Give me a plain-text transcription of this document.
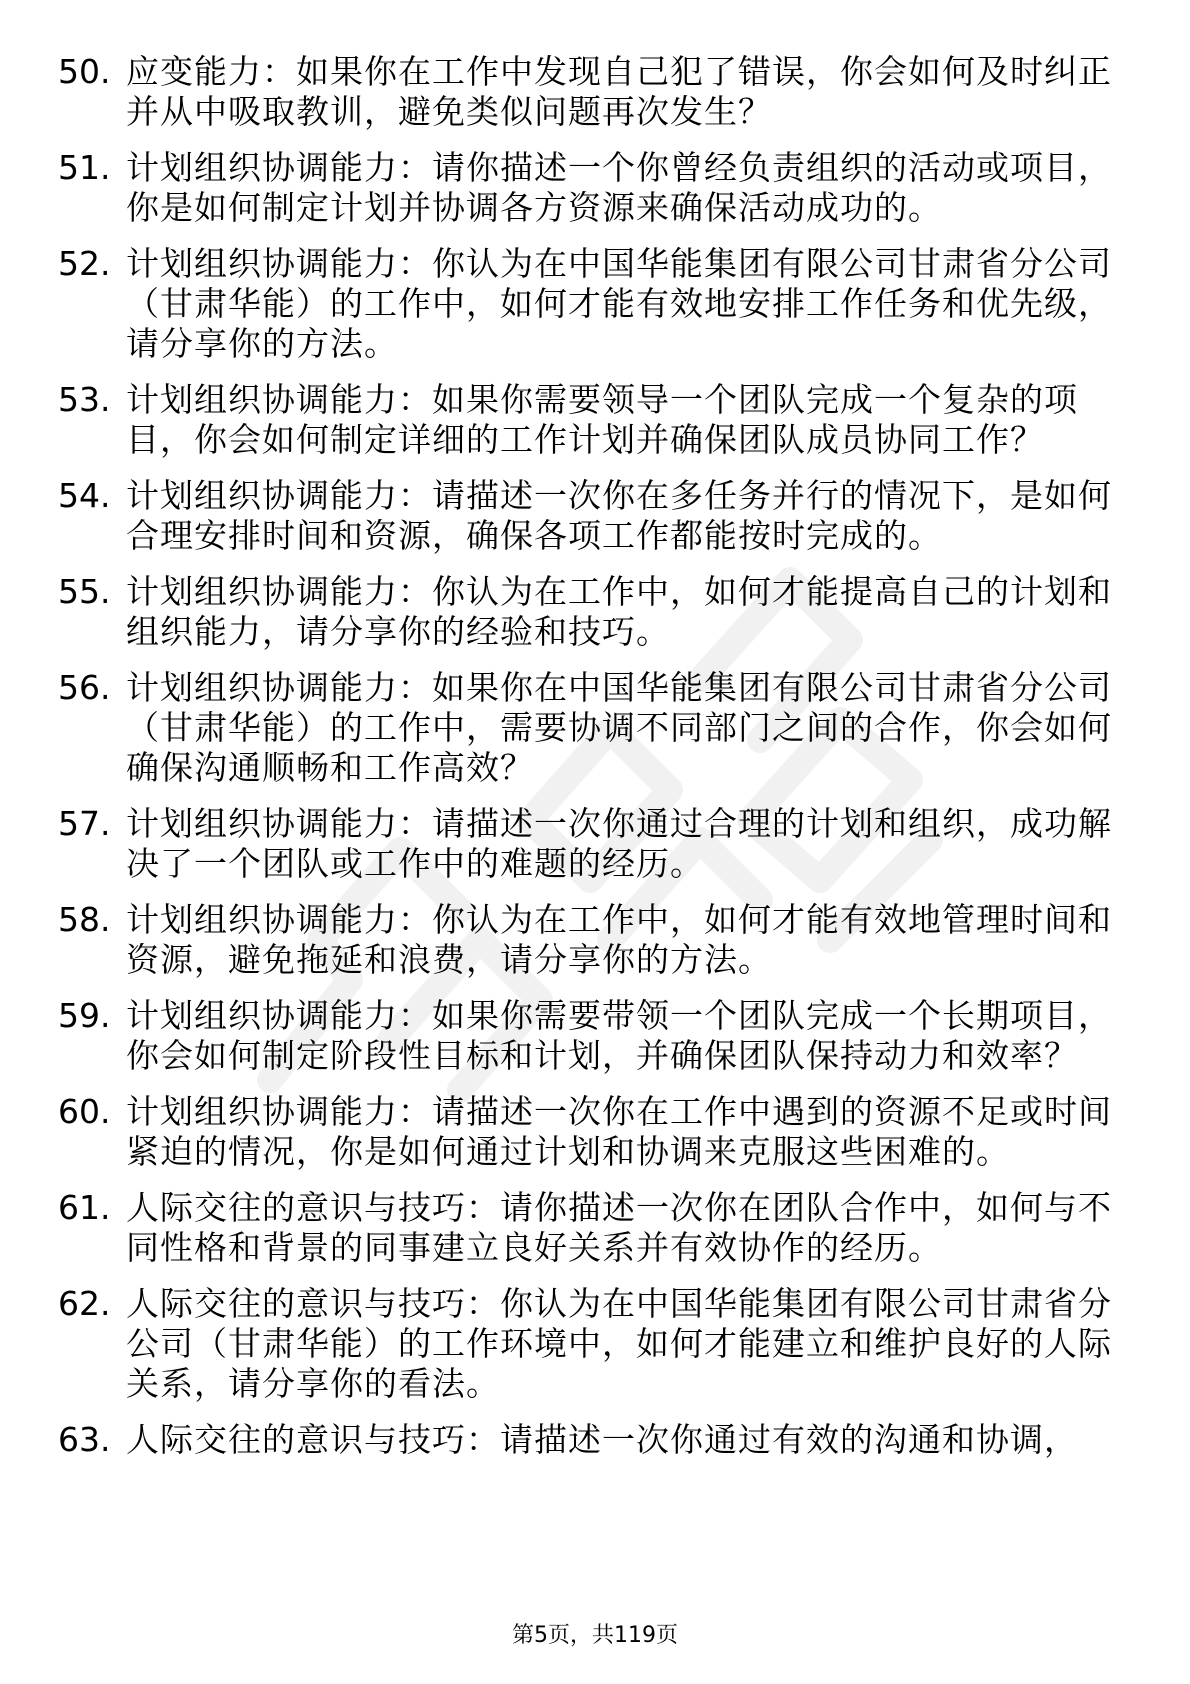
50. 应变能力：如果你在工作中发现自己犯了错误，你会如何及时纠正并从中吸取教训，避免类似问题再次发生？
51. 计划组织协调能力：请你描述一个你曾经负责组织的活动或项目，你是如何制定计划并协调各方资源来确保活动成功的。
52. 计划组织协调能力：你认为在中国华能集团有限公司甘肃省分公司（甘肃华能）的工作中，如何才能有效地安排工作任务和优先级，请分享你的方法。
53. 计划组织协调能力：如果你需要领导一个团队完成一个复杂的项目，你会如何制定详细的工作计划并确保团队成员协同工作？
54. 计划组织协调能力：请描述一次你在多任务并行的情况下，是如何合理安排时间和资源，确保各项工作都能按时完成的。
55. 计划组织协调能力：你认为在工作中，如何才能提高自己的计划和组织能力，请分享你的经验和技巧。
56. 计划组织协调能力：如果你在中国华能集团有限公司甘肃省分公司（甘肃华能）的工作中，需要协调不同部门之间的合作，你会如何确保沟通顺畅和工作高效？
57. 计划组织协调能力：请描述一次你通过合理的计划和组织，成功解决了一个团队或工作中的难题的经历。
58. 计划组织协调能力：你认为在工作中，如何才能有效地管理时间和资源，避免拖延和浪费，请分享你的方法。
59. 计划组织协调能力：如果你需要带领一个团队完成一个长期项目，你会如何制定阶段性目标和计划，并确保团队保持动力和效率？
60. 计划组织协调能力：请描述一次你在工作中遇到的资源不足或时间紧迫的情况，你是如何通过计划和协调来克服这些困难的。
61. 人际交往的意识与技巧：请你描述一次你在团队合作中，如何与不同性格和背景的同事建立良好关系并有效协作的经历。
62. 人际交往的意识与技巧：你认为在中国华能集团有限公司甘肃省分公司（甘肃华能）的工作环境中，如何才能建立和维护良好的人际关系，请分享你的看法。
63. 人际交往的意识与技巧：请描述一次你通过有效的沟通和协调，
第5页，共119页
